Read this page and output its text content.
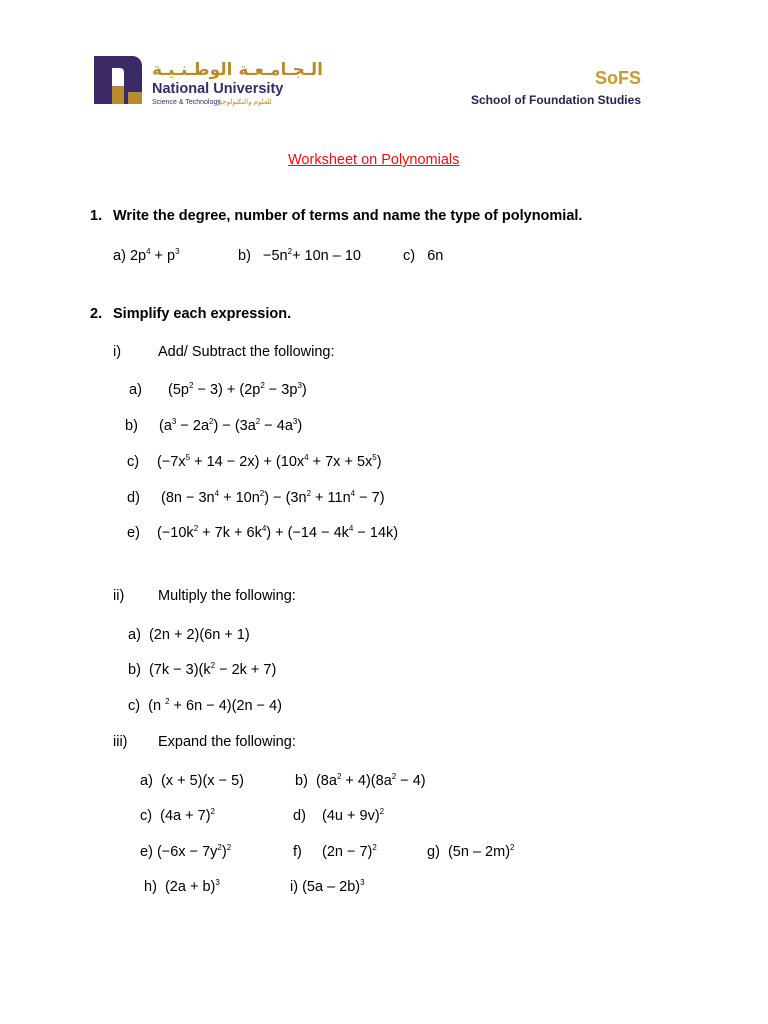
الـجـامـعـة الوطـنـيـة
National University
Science & Technology
للعلوم والتكنولوجيا
SoFS
School of Foundation Studies
Worksheet on Polynomials
1. Write the degree, number of terms and name the type of polynomial.
a) $2p^4 + p^3$	$b) -5n^2+ 10n - 10$	c) 6n
2. Simplify each expression.
i)	Add/ Subtract the following:
a) $(5p^2 - 3) + (2p^2 - 3p^3)$
b) $(a^3 - 2a^2) - (3a^2 - 4a^3)$
c) $(-7x^5 + 14 - 2x) + (10x^4 + 7x + 5x^5)$
d) $(8n - 3n^4 + 10n^2) - (3n^2 + 11n^4 - 7)$
e) $(-10k^2 + 7k + 6k^4) + (-14 - 4k^4 - 14k)$
ii) Multiply the following:
a) (2n + 2)(6n + 1)
b) $(7k - 3)(k^2 - 2k + 7)$
c) (n $^2$ + 6n − 4)(2n − 4)
iii) Expand the following:
a) (x + 5)(x − 5)	b) $(8a^2 + 4)(8a^2 - 4)$
c) $(4a + 7)^2$	d) $(4u + 9v)^2$
e) $(-6x - 7y^2)^2$	f) $(2n - 7)^2$	g) (5n – 2m)$^2$
h) $(2a + b)^3$	i) (5a – 2b)$^3$
